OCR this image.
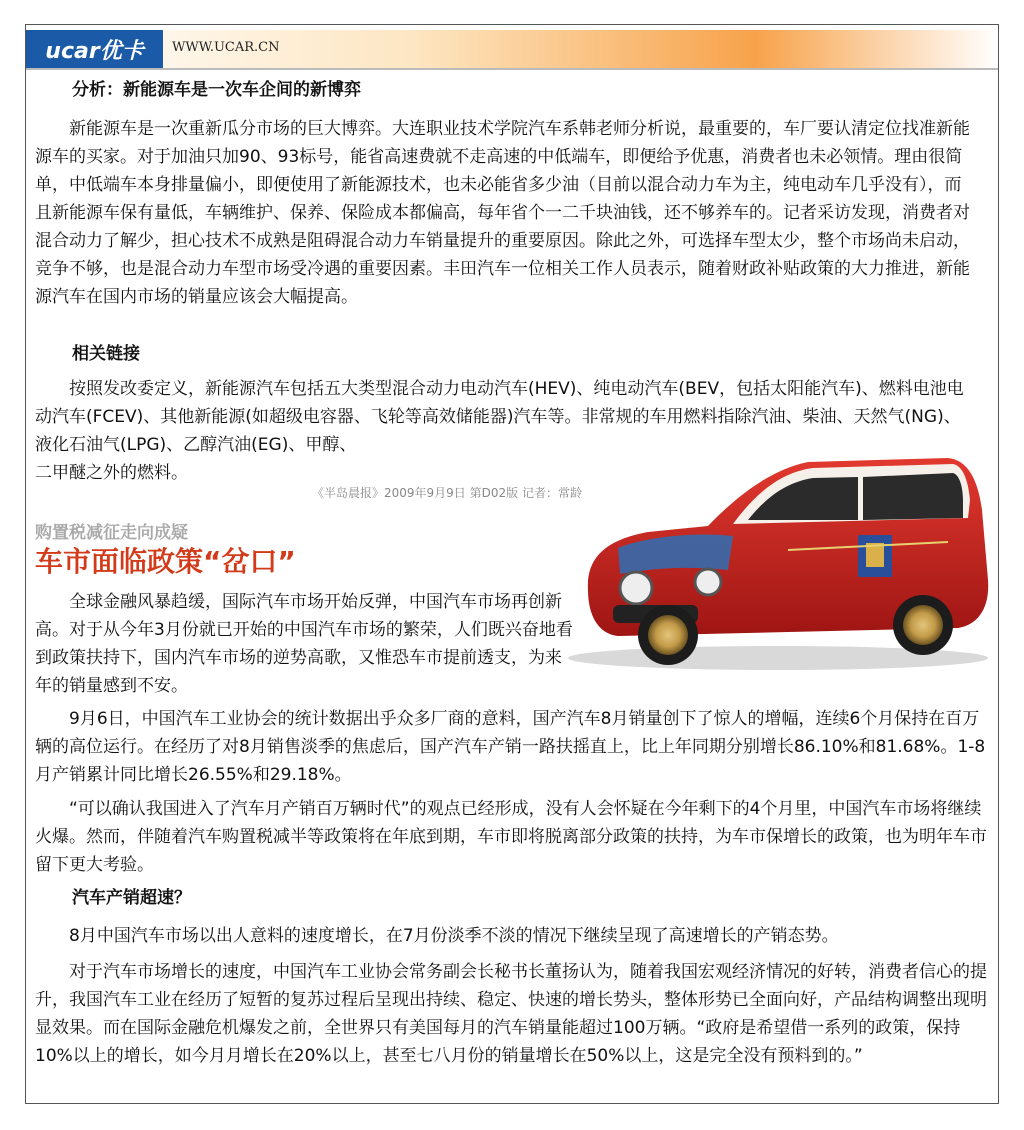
ucar优卡	WWW.UCAR.CN

分析：新能源车是一次车企间的新博弈

新能源车是一次重新瓜分市场的巨大博弈。大连职业技术学院汽车系韩老师分析说，最重要的，车厂要认清定位找准新能源车的买家。对于加油只加90、93标号，能省高速费就不走高速的中低端车，即便给予优惠，消费者也未必领情。理由很简单，中低端车本身排量偏小，即便使用了新能源技术，也未必能省多少油（目前以混合动力车为主，纯电动车几乎没有），而且新能源车保有量低，车辆维护、保养、保险成本都偏高，每年省个一二千块油钱，还不够养车的。记者采访发现，消费者对混合动力了解少，担心技术不成熟是阻碍混合动力车销量提升的重要原因。除此之外，可选择车型太少，整个市场尚未启动，竞争不够，也是混合动力车型市场受冷遇的重要因素。丰田汽车一位相关工作人员表示，随着财政补贴政策的大力推进，新能源汽车在国内市场的销量应该会大幅提高。

相关链接

按照发改委定义，新能源汽车包括五大类型混合动力电动汽车(HEV)、纯电动汽车(BEV，包括太阳能汽车)、燃料电池电动汽车(FCEV)、其他新能源(如超级电容器、飞轮等高效储能器)汽车等。非常规的车用燃料指除汽油、柴油、天然气(NG)、液化石油气(LPG)、乙醇汽油(EG)、甲醇、

二甲醚之外的燃料。

《半岛晨报》2009年9月9日 第D02版 记者：常龄
购置税减征走向成疑
车市面临政策“岔口”

全球金融风暴趋缓，国际汽车市场开始反弹，中国汽车市场再创新高。对于从今年3月份就已开始的中国汽车市场的繁荣，人们既兴奋地看到政策扶持下，国内汽车市场的逆势高歌，又惟恐车市提前透支，为来年的销量感到不安。

9月6日，中国汽车工业协会的统计数据出乎众多厂商的意料，国产汽车8月销量创下了惊人的增幅，连续6个月保持在百万辆的高位运行。在经历了对8月销售淡季的焦虑后，国产汽车产销一路扶摇直上，比上年同期分别增长86.10%和81.68%。1-8月产销累计同比增长26.55%和29.18%。

“可以确认我国进入了汽车月产销百万辆时代”的观点已经形成，没有人会怀疑在今年剩下的4个月里，中国汽车市场将继续火爆。然而，伴随着汽车购置税减半等政策将在年底到期，车市即将脱离部分政策的扶持，为车市保增长的政策，也为明年车市留下更大考验。

汽车产销超速？

8月中国汽车市场以出人意料的速度增长，在7月份淡季不淡的情况下继续呈现了高速增长的产销态势。

对于汽车市场增长的速度，中国汽车工业协会常务副会长秘书长董扬认为，随着我国宏观经济情况的好转，消费者信心的提升，我国汽车工业在经历了短暂的复苏过程后呈现出持续、稳定、快速的增长势头，整体形势已全面向好，产品结构调整出现明显效果。而在国际金融危机爆发之前，全世界只有美国每月的汽车销量能超过100万辆。“政府是希望借一系列的政策，保持10%以上的增长，如今月月增长在20%以上，甚至七八月份的销量增长在50%以上，这是完全没有预料到的。”
